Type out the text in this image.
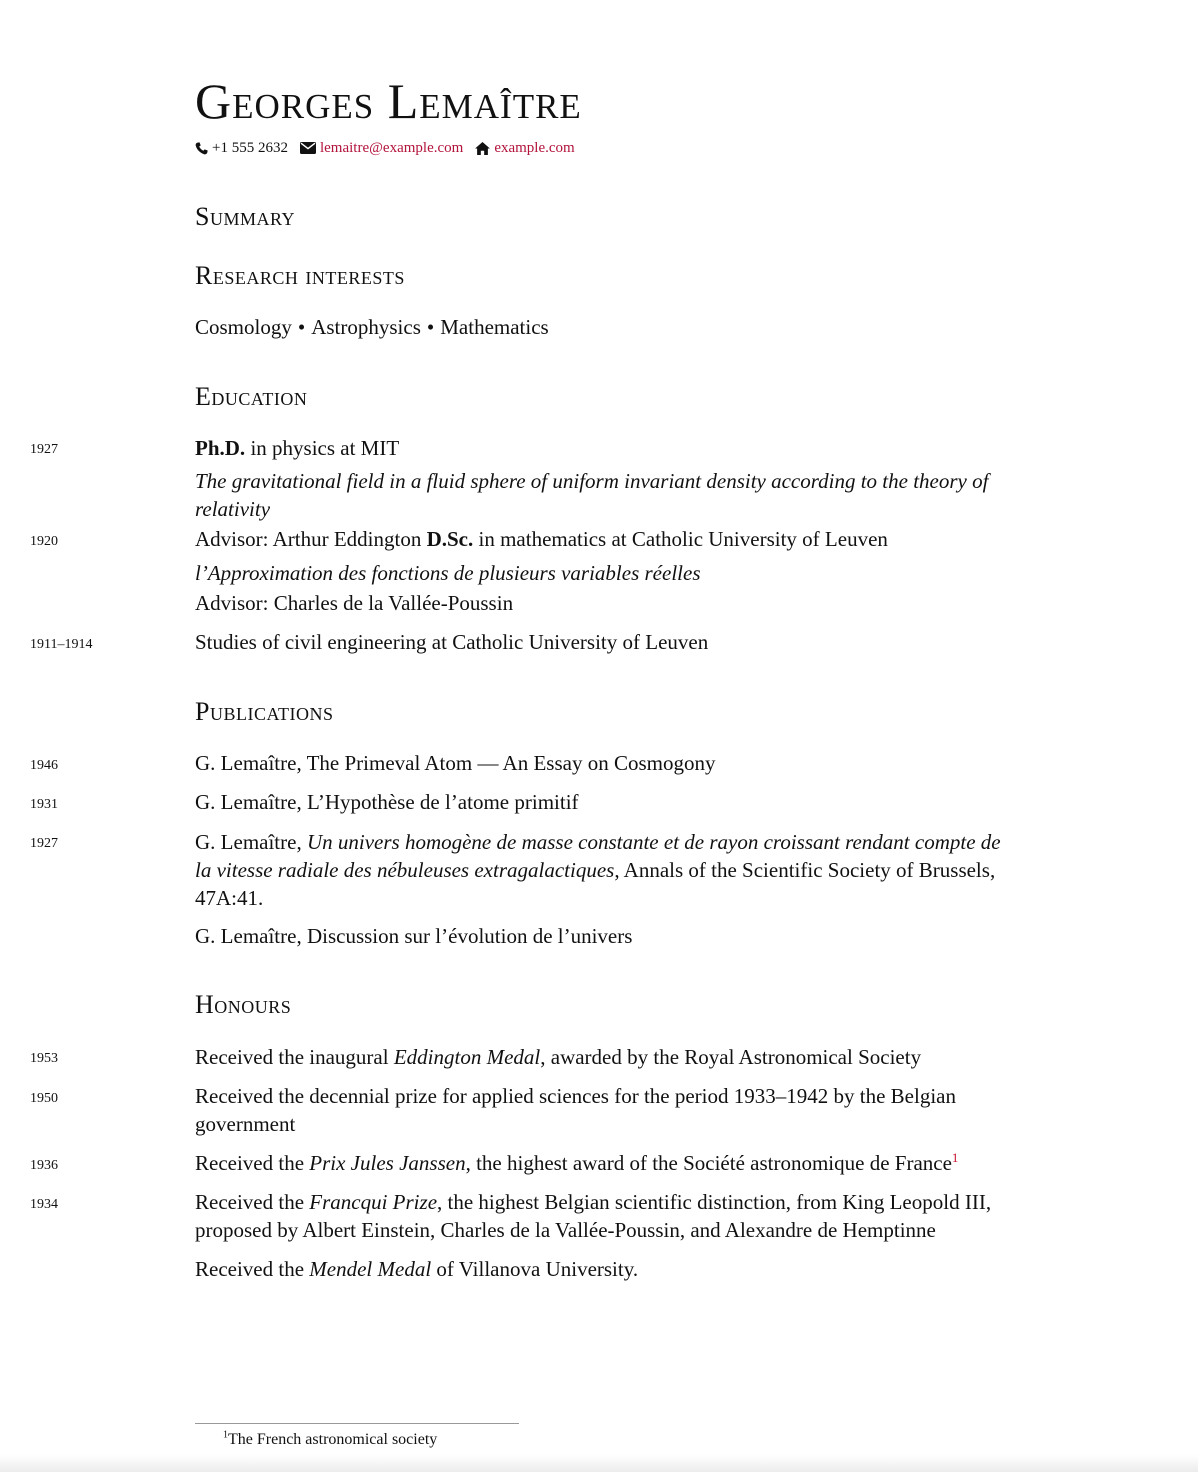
Georges Lemaître
+1 555 2632 lemaitre@example.com example.com
Summary
Research interests
Cosmology • Astrophysics • Mathematics
Education
1927	Ph.D. in physics at MIT
The gravitational field in a fluid sphere of uniform invariant density according to the theory of relativity
1920	Advisor: Arthur Eddington D.Sc. in mathematics at Catholic University of Leuven
l’Approximation des fonctions de plusieurs variables réelles
Advisor: Charles de la Vallée-Poussin
1911–1914	Studies of civil engineering at Catholic University of Leuven
Publications
1946	G. Lemaître, The Primeval Atom — An Essay on Cosmogony
1931	G. Lemaître, L’Hypothèse de l’atome primitif
1927	G. Lemaître, Un univers homogène de masse constante et de rayon croissant rendant compte de la vitesse radiale des nébuleuses extragalactiques, Annals of the Scientific Society of Brussels, 47A:41.
G. Lemaître, Discussion sur l’évolution de l’univers
Honours
1953	Received the inaugural Eddington Medal, awarded by the Royal Astronomical Society
1950	Received the decennial prize for applied sciences for the period 1933–1942 by the Belgian government
1936	Received the Prix Jules Janssen, the highest award of the Société astronomique de France$^1$
1934	Received the Francqui Prize, the highest Belgian scientific distinction, from King Leopold III, proposed by Albert Einstein, Charles de la Vallée-Poussin, and Alexandre de Hemptinne
Received the Mendel Medal of Villanova University.
$^1$The French astronomical society
